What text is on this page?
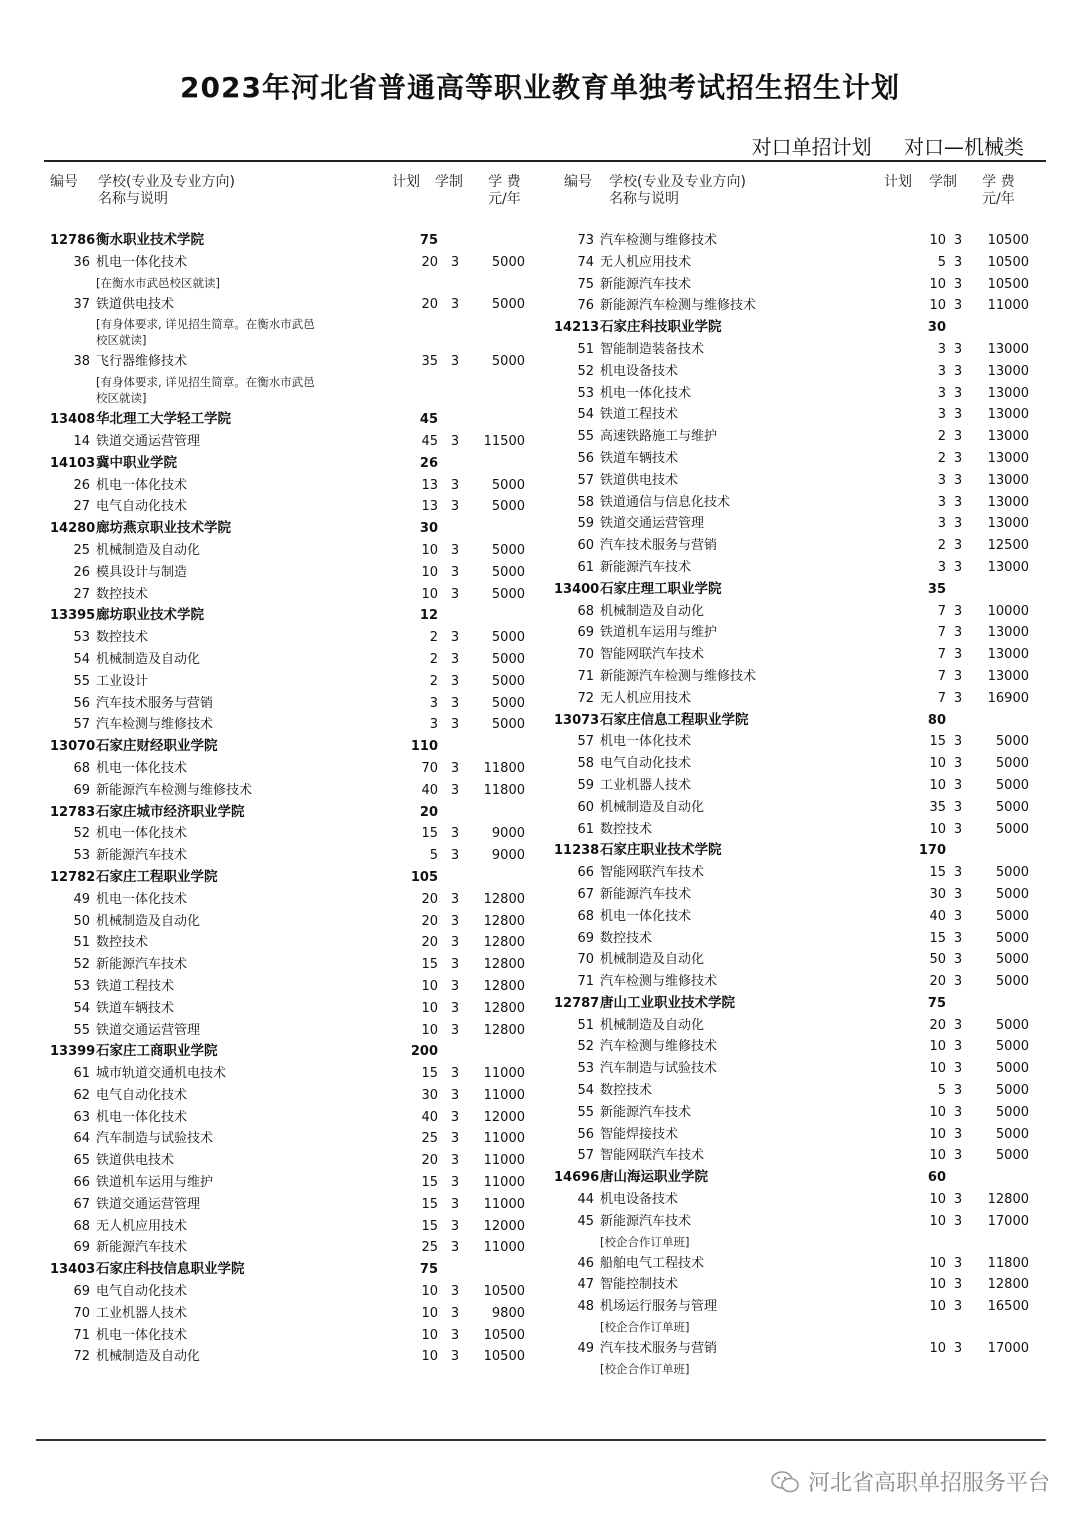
2023年河北省普通高等职业教育单独考试招生招生计划
对口单招计划 对口—机械类
编号 学校(专业及专业方向)
名称与说明
计划 学制 学 费
元/年
12786 衡水职业技术学院	75
36 机电一体化技术	20 3	5000
[在衡水市武邑校区就读]
37 铁道供电技术	20 3	5000
[有身体要求, 详见招生简章。在衡水市武邑
校区就读]
38 飞行器维修技术	35 3	5000
[有身体要求, 详见招生简章。在衡水市武邑
校区就读]
13408 华北理工大学轻工学院	45
14 铁道交通运营管理	45 3	11500
14103 冀中职业学院	26
26 机电一体化技术	13 3	5000
27 电气自动化技术	13 3	5000
14280 廊坊燕京职业技术学院	30
25 机械制造及自动化	10 3	5000
26 模具设计与制造	10 3	5000
27 数控技术	10 3	5000
13395 廊坊职业技术学院	12
53 数控技术	2 3	5000
54 机械制造及自动化	2 3	5000
55 工业设计	2 3	5000
56 汽车技术服务与营销	3 3	5000
57 汽车检测与维修技术	3 3	5000
13070 石家庄财经职业学院	110
68 机电一体化技术	70 3	11800
69 新能源汽车检测与维修技术	40 3	11800
12783 石家庄城市经济职业学院	20
52 机电一体化技术	15 3	9000
53 新能源汽车技术	5 3	9000
12782 石家庄工程职业学院	105
49 机电一体化技术	20 3	12800
50 机械制造及自动化	20 3	12800
51 数控技术	20 3	12800
52 新能源汽车技术	15 3	12800
53 铁道工程技术	10 3	12800
54 铁道车辆技术	10 3	12800
55 铁道交通运营管理	10 3	12800
13399 石家庄工商职业学院	200
61 城市轨道交通机电技术	15 3	11000
62 电气自动化技术	30 3	11000
63 机电一体化技术	40 3	12000
64 汽车制造与试验技术	25 3	11000
65 铁道供电技术	20 3	11000
66 铁道机车运用与维护	15 3	11000
67 铁道交通运营管理	15 3	11000
68 无人机应用技术	15 3	12000
69 新能源汽车技术	25 3	11000
13403 石家庄科技信息职业学院	75
69 电气自动化技术	10 3	10500
70 工业机器人技术	10 3	9800
71 机电一体化技术	10 3	10500
72 机械制造及自动化	10 3	10500
编号 学校(专业及专业方向)
名称与说明
计划 学制 学 费
元/年
73 汽车检测与维修技术	10 3	10500
74 无人机应用技术	5 3	10500
75 新能源汽车技术	10 3	10500
76 新能源汽车检测与维修技术	10 3	11000
14213 石家庄科技职业学院	30
51 智能制造装备技术	3 3	13000
52 机电设备技术	3 3	13000
53 机电一体化技术	3 3	13000
54 铁道工程技术	3 3	13000
55 高速铁路施工与维护	2 3	13000
56 铁道车辆技术	2 3	13000
57 铁道供电技术	3 3	13000
58 铁道通信与信息化技术	3 3	13000
59 铁道交通运营管理	3 3	13000
60 汽车技术服务与营销	2 3	12500
61 新能源汽车技术	3 3	13000
13400 石家庄理工职业学院	35
68 机械制造及自动化	7 3	10000
69 铁道机车运用与维护	7 3	13000
70 智能网联汽车技术	7 3	13000
71 新能源汽车检测与维修技术	7 3	13000
72 无人机应用技术	7 3	16900
13073 石家庄信息工程职业学院	80
57 机电一体化技术	15 3	5000
58 电气自动化技术	10 3	5000
59 工业机器人技术	10 3	5000
60 机械制造及自动化	35 3	5000
61 数控技术	10 3	5000
11238 石家庄职业技术学院	170
66 智能网联汽车技术	15 3	5000
67 新能源汽车技术	30 3	5000
68 机电一体化技术	40 3	5000
69 数控技术	15 3	5000
70 机械制造及自动化	50 3	5000
71 汽车检测与维修技术	20 3	5000
12787 唐山工业职业技术学院	75
51 机械制造及自动化	20 3	5000
52 汽车检测与维修技术	10 3	5000
53 汽车制造与试验技术	10 3	5000
54 数控技术	5 3	5000
55 新能源汽车技术	10 3	5000
56 智能焊接技术	10 3	5000
57 智能网联汽车技术	10 3	5000
14696 唐山海运职业学院	60
44 机电设备技术	10 3	12800
45 新能源汽车技术	10 3	17000
[校企合作订单班]
46 船舶电气工程技术	10 3	11800
47 智能控制技术	10 3	12800
48 机场运行服务与管理	10 3	16500
[校企合作订单班]
49 汽车技术服务与营销	10 3	17000
[校企合作订单班]
河北省高职单招服务平台
